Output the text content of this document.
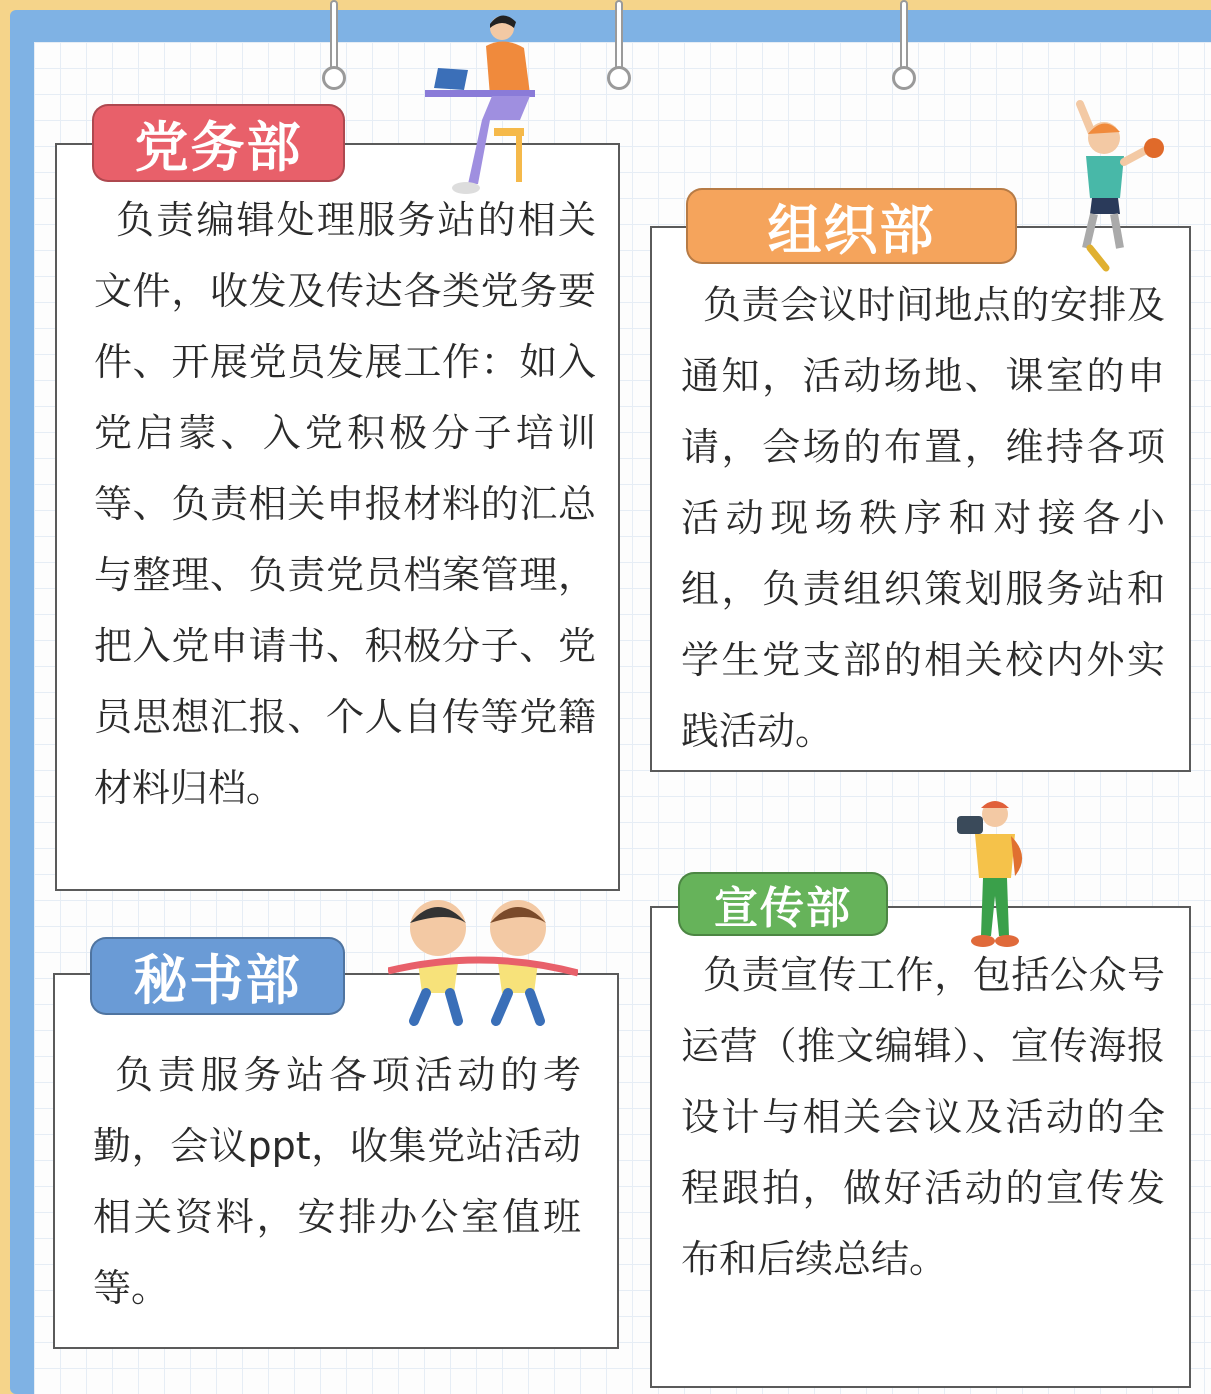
党务部

负责编辑处理服务站的相关文件，收发及传达各类党务要件、开展党员发展工作：如入党启蒙、入党积极分子培训等、负责相关申报材料的汇总与整理、负责党员档案管理，把入党申请书、积极分子、党员思想汇报、个人自传等党籍材料归档。

组织部

负责会议时间地点的安排及通知，活动场地、课室的申请，会场的布置，维持各项活动现场秩序和对接各小组，负责组织策划服务站和学生党支部的相关校内外实践活动。

秘书部

负责服务站各项活动的考勤，会议ppt，收集党站活动相关资料，安排办公室值班等。

宣传部

负责宣传工作，包括公众号运营（推文编辑）、宣传海报设计与相关会议及活动的全程跟拍，做好活动的宣传发布和后续总结。
